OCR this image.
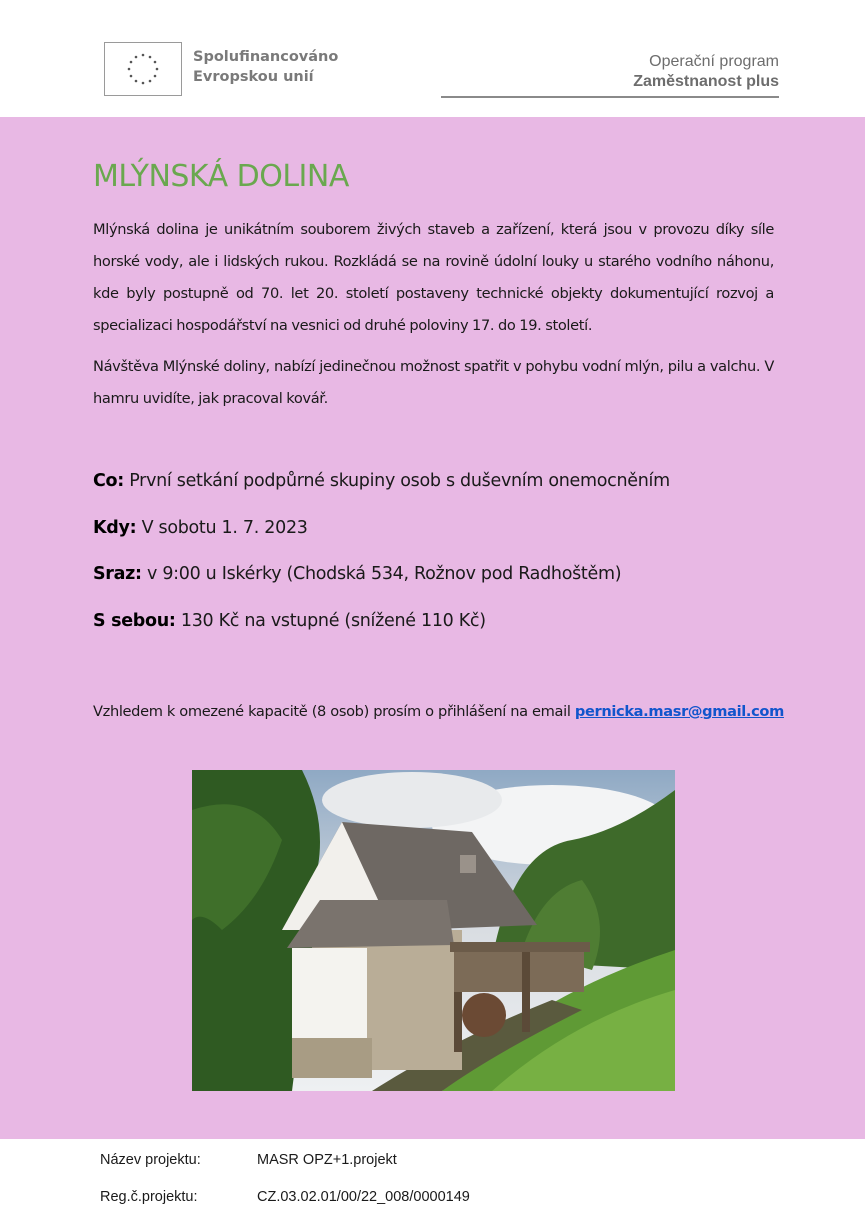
Spolufinancováno
Evropskou unií
Operační program
Zaměstnanost plus
MLÝNSKÁ DOLINA
Mlýnská dolina je unikátním souborem živých staveb a zařízení, která jsou v provozu díky síle horské vody, ale i lidských rukou. Rozkládá se na rovině údolní louky u starého vodního náhonu, kde byly postupně od 70. let 20. století postaveny technické objekty dokumentující rozvoj a specializaci hospodářství na vesnici od druhé poloviny 17. do 19. století.
Návštěva Mlýnské doliny, nabízí jedinečnou možnost spatřit v pohybu vodní mlýn, pilu a valchu. V hamru uvidíte, jak pracoval kovář.
Co: První setkání podpůrné skupiny osob s duševním onemocněním
Kdy: V sobotu 1. 7. 2023
Sraz: v 9:00 u Iskérky (Chodská 534, Rožnov pod Radhoštěm)
S sebou: 130 Kč na vstupné (snížené 110 Kč)
Vzhledem k omezené kapacitě (8 osob) prosím o přihlášení na email pernicka.masr@gmail.com
Název projektu:	MASR OPZ+1.projekt
Reg.č.projektu:	CZ.03.02.01/00/22_008/0000149
